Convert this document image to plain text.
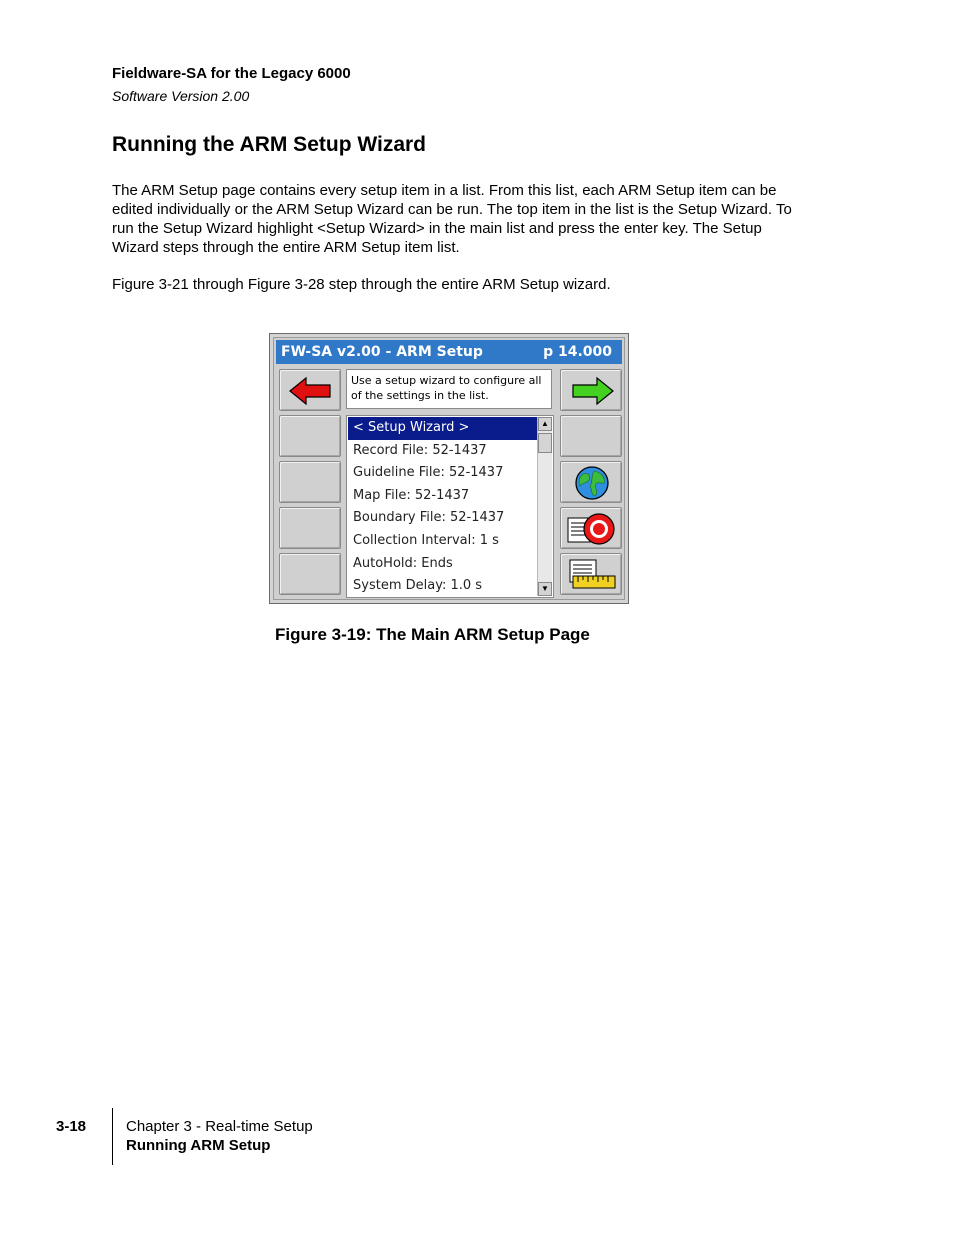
Fieldware-SA for the Legacy 6000
Software Version 2.00
Running the ARM Setup Wizard
The ARM Setup page contains every setup item in a list. From this list, each ARM Setup item can be edited individually or the ARM Setup Wizard can be run. The top item in the list is the Setup Wizard. To run the Setup Wizard highlight <Setup Wizard> in the main list and press the enter key. The Setup Wizard steps through the entire ARM Setup item list.
Figure 3-21 through Figure 3-28 step through the entire ARM Setup wizard.
FW-SA v2.00 - ARM Setup	p 14.000
Use a setup wizard to configure all of the settings in the list.
< Setup Wizard >
Record File: 52-1437
Guideline File: 52-1437
Map File: 52-1437
Boundary File: 52-1437
Collection Interval: 1 s
AutoHold: Ends
System Delay: 1.0 s
▲
▼
Figure 3-19: The Main ARM Setup Page
3-18	Chapter 3 - Real-time Setup
Running ARM Setup
